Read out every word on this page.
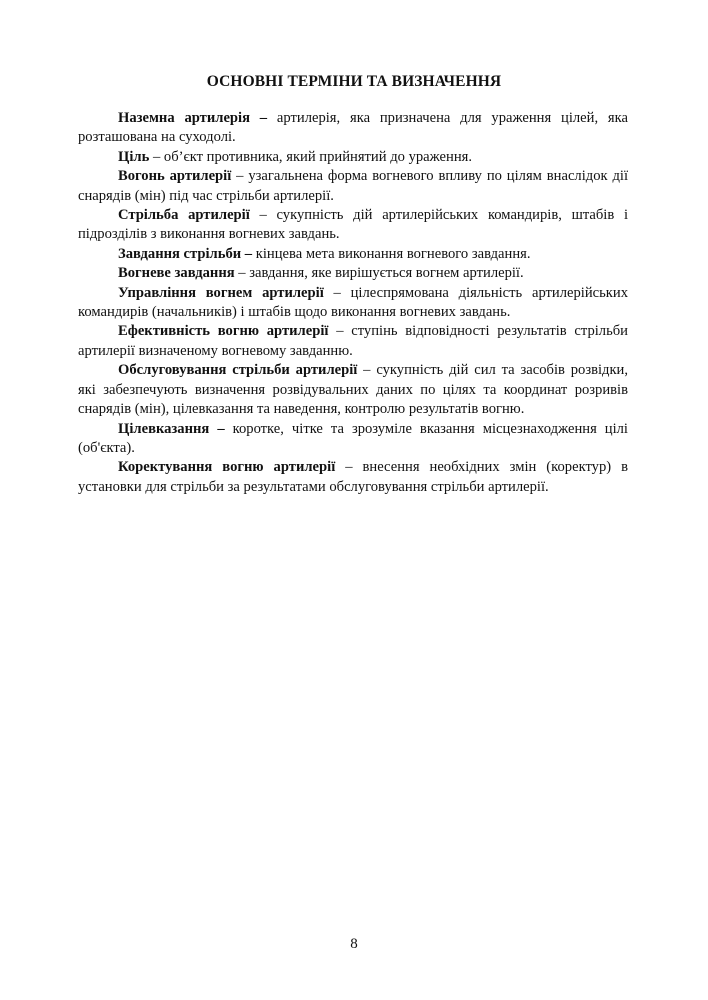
ОСНОВНІ ТЕРМІНИ ТА ВИЗНАЧЕННЯ

Наземна артилерія – артилерія, яка призначена для ураження цілей, яка розташована на суходолі.

Ціль – об’єкт противника, який прийнятий до ураження.

Вогонь артилерії – узагальнена форма вогневого впливу по цілям внаслідок дії снарядів (мін) під час стрільби артилерії.

Стрільба артилерії – сукупність дій артилерійських командирів, штабів і підрозділів з виконання вогневих завдань.

Завдання стрільби – кінцева мета виконання вогневого завдання.

Вогневе завдання – завдання, яке вирішується вогнем артилерії.

Управління вогнем артилерії – цілеспрямована діяльність артилерійських командирів (начальників) і штабів щодо виконання вогневих завдань.

Ефективність вогню артилерії – ступінь відповідності результатів стрільби артилерії визначеному вогневому завданню.

Обслуговування стрільби артилерії – сукупність дій сил та засобів розвідки, які забезпечують визначення розвідувальних даних по цілях та координат розривів снарядів (мін), цілевказання та наведення, контролю результатів вогню.

Цілевказання – коротке, чітке та зрозуміле вказання місцезнаходження цілі (об'єкта).

Коректування вогню артилерії – внесення необхідних змін (коректур) в установки для стрільби за результатами обслуговування стрільби артилерії.

8
